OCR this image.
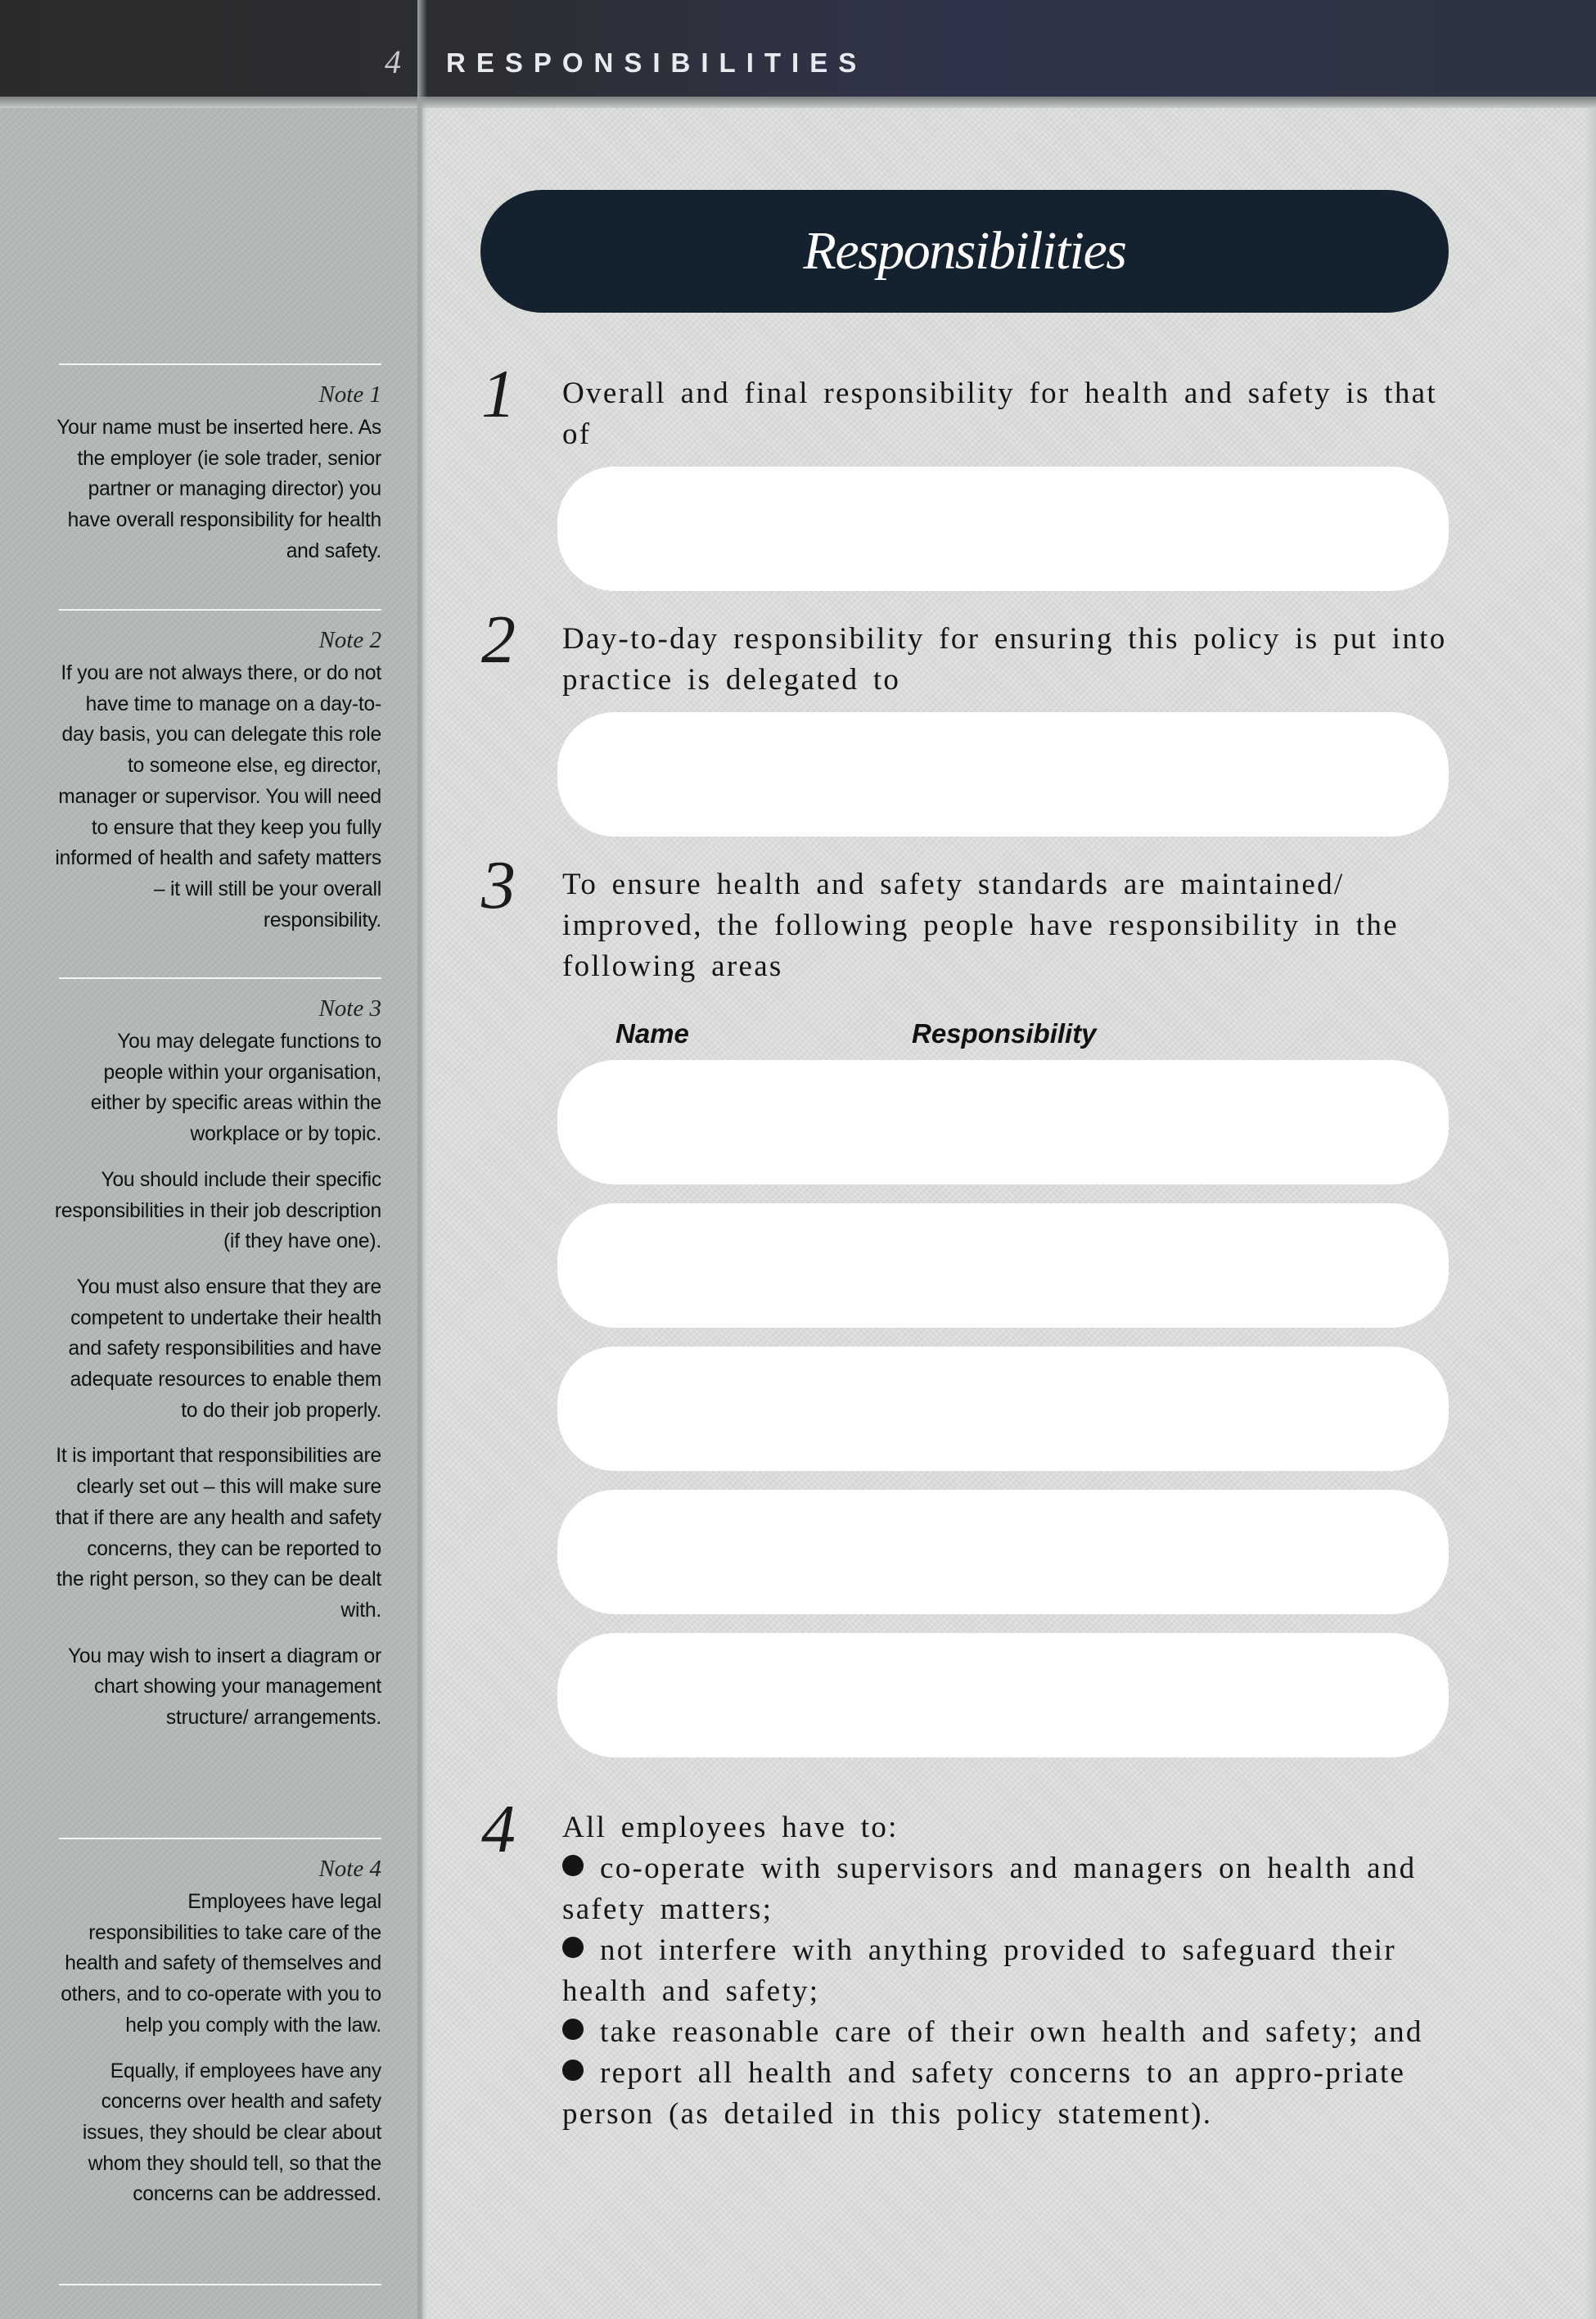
4 RESPONSIBILITIES
Note 1

Your name must be inserted here. As the employer (ie sole trader, senior partner or managing director) you have overall responsibility for health and safety.

Note 2

If you are not always there, or do not have time to manage on a day-to-day basis, you can delegate this role to someone else, eg director, manager or supervisor. You will need to ensure that they keep you fully informed of health and safety matters – it will still be your overall responsibility.

Note 3

You may delegate functions to people within your organisation, either by specific areas within the workplace or by topic.

You should include their specific responsibilities in their job description (if they have one).

You must also ensure that they are competent to undertake their health and safety responsibilities and have adequate resources to enable them to do their job properly.

It is important that responsibilities are clearly set out – this will make sure that if there are any health and safety concerns, they can be reported to the right person, so they can be dealt with.

You may wish to insert a diagram or chart showing your management structure/ arrangements.

Note 4

Employees have legal responsibilities to take care of the health and safety of themselves and others, and to co-operate with you to help you comply with the law.

Equally, if employees have any concerns over health and safety issues, they should be clear about whom they should tell, so that the concerns can be addressed.

Responsibilities
1 Overall and final responsibility for health and safety is that of
2 Day-to-day responsibility for ensuring this policy is put into practice is delegated to
3 To ensure health and safety standards are maintained/ improved, the following people have responsibility in the following areas
Name	Responsibility
4 All employees have to:
co-operate with supervisors and managers on health and safety matters;
not interfere with anything provided to safeguard their health and safety;
take reasonable care of their own health and safety; and
report all health and safety concerns to an appro-priate person (as detailed in this policy statement).
